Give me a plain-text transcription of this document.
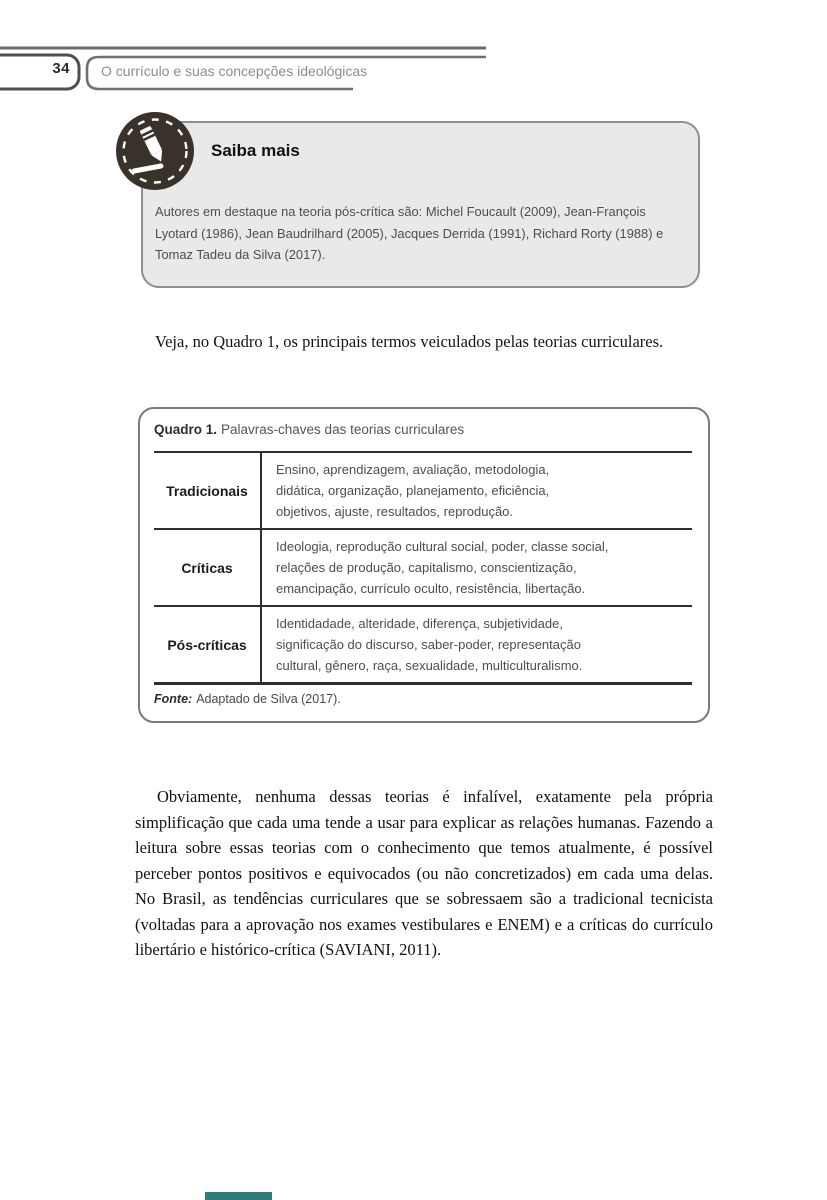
34 O currículo e suas concepções ideológicas
Saiba mais

Autores em destaque na teoria pós-crítica são: Michel Foucault (2009), Jean-François
Lyotard (1986), Jean Baudrilhard (2005), Jacques Derrida (1991), Richard Rorty (1988) e
Tomaz Tadeu da Silva (2017).

Veja, no Quadro 1, os principais termos veiculados pelas teorias curriculares.

Quadro 1. Palavras-chaves das teorias curriculares

Tradicionais
Ensino, aprendizagem, avaliação, metodologia,
didática, organização, planejamento, eficiência,
objetivos, ajuste, resultados, reprodução.
Críticas
Ideologia, reprodução cultural social, poder, classe social,
relações de produção, capitalismo, conscientização,
emancipação, currículo oculto, resistência, libertação.
Pós-críticas
Identidadade, alteridade, diferença, subjetividade,
significação do discurso, saber-poder, representação
cultural, gênero, raça, sexualidade, multiculturalismo.

Fonte: Adaptado de Silva (2017).

Obviamente, nenhuma dessas teorias é infalível, exatamente pela própria simplificação que cada uma tende a usar para explicar as relações humanas. Fazendo a leitura sobre essas teorias com o conhecimento que temos atualmente, é possível perceber pontos positivos e equivocados (ou não concretizados) em cada uma delas. No Brasil, as tendências curriculares que se sobressaem são a tradicional tecnicista (voltadas para a aprovação nos exames vestibulares e ENEM) e a críticas do currículo libertário e histórico-crítica (SAVIANI, 2011).
